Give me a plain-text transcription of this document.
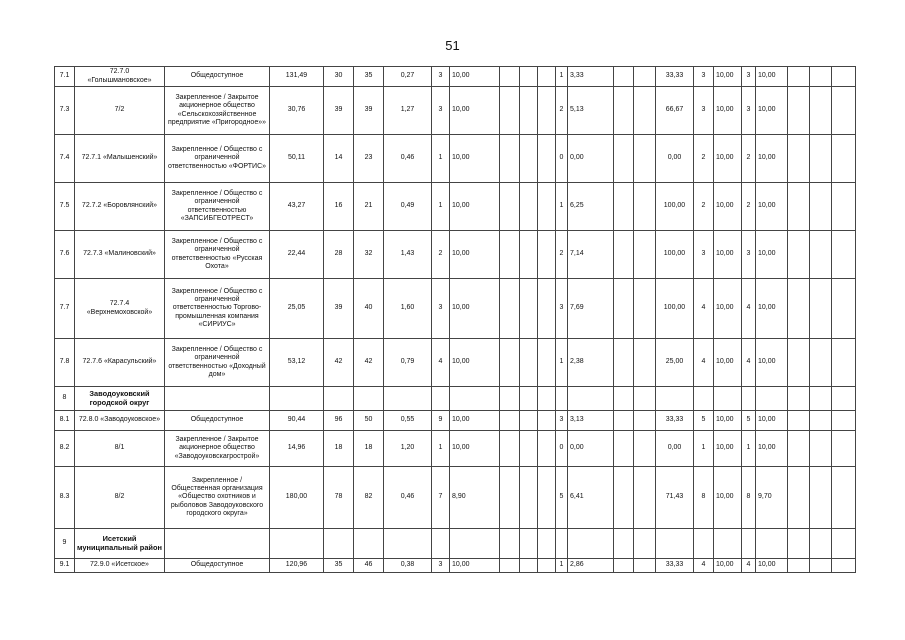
51
7.1	72.7.0 «Голышмановское»	Общедоступное	131,49	30	35	0,27	3	10,00				1	3,33			33,33	3	10,00	3	10,00			
7.3	7/2	Закрепленное / Закрытое акционерное общество «Сельскохозяйственное предприятие «Пригородное»»	30,76	39	39	1,27	3	10,00				2	5,13			66,67	3	10,00	3	10,00			
7.4	72.7.1 «Малышенский»	Закрепленное / Общество с ограниченной ответственностью «ФОРТИС»	50,11	14	23	0,46	1	10,00				0	0,00			0,00	2	10,00	2	10,00			
7.5	72.7.2 «Боровлянский»	Закрепленное / Общество с ограниченной ответственностью «ЗАПСИБГЕОТРЕСТ»	43,27	16	21	0,49	1	10,00				1	6,25			100,00	2	10,00	2	10,00			
7.6	72.7.3 «Малиновский»	Закрепленное / Общество с ограниченной ответственностью «Русская Охота»	22,44	28	32	1,43	2	10,00				2	7,14			100,00	3	10,00	3	10,00			
7.7	72.7.4 «Верхнемоховской»	Закрепленное / Общество с ограниченной ответственностью Торгово-промышленная компания «СИРИУС»	25,05	39	40	1,60	3	10,00				3	7,69			100,00	4	10,00	4	10,00			
7.8	72.7.6 «Карасульский»	Закрепленное / Общество с ограниченной ответственностью «Доходный дом»	53,12	42	42	0,79	4	10,00				1	2,38			25,00	4	10,00	4	10,00			
8	Заводоуковский городской округ																						
8.1	72.8.0 «Заводоуковское»	Общедоступное	90,44	96	50	0,55	9	10,00				3	3,13			33,33	5	10,00	5	10,00			
8.2	8/1	Закрепленное / Закрытое акционерное общество «Заводоуковскагрострой»	14,96	18	18	1,20	1	10,00				0	0,00			0,00	1	10,00	1	10,00			
8.3	8/2	Закрепленное / Общественная организация «Общество охотников и рыболовов Заводоуковского городского округа»	180,00	78	82	0,46	7	8,90				5	6,41			71,43	8	10,00	8	9,70			
9	Исетский муниципальный район																						
9.1	72.9.0 «Исетское»	Общедоступное	120,96	35	46	0,38	3	10,00				1	2,86			33,33	4	10,00	4	10,00			
